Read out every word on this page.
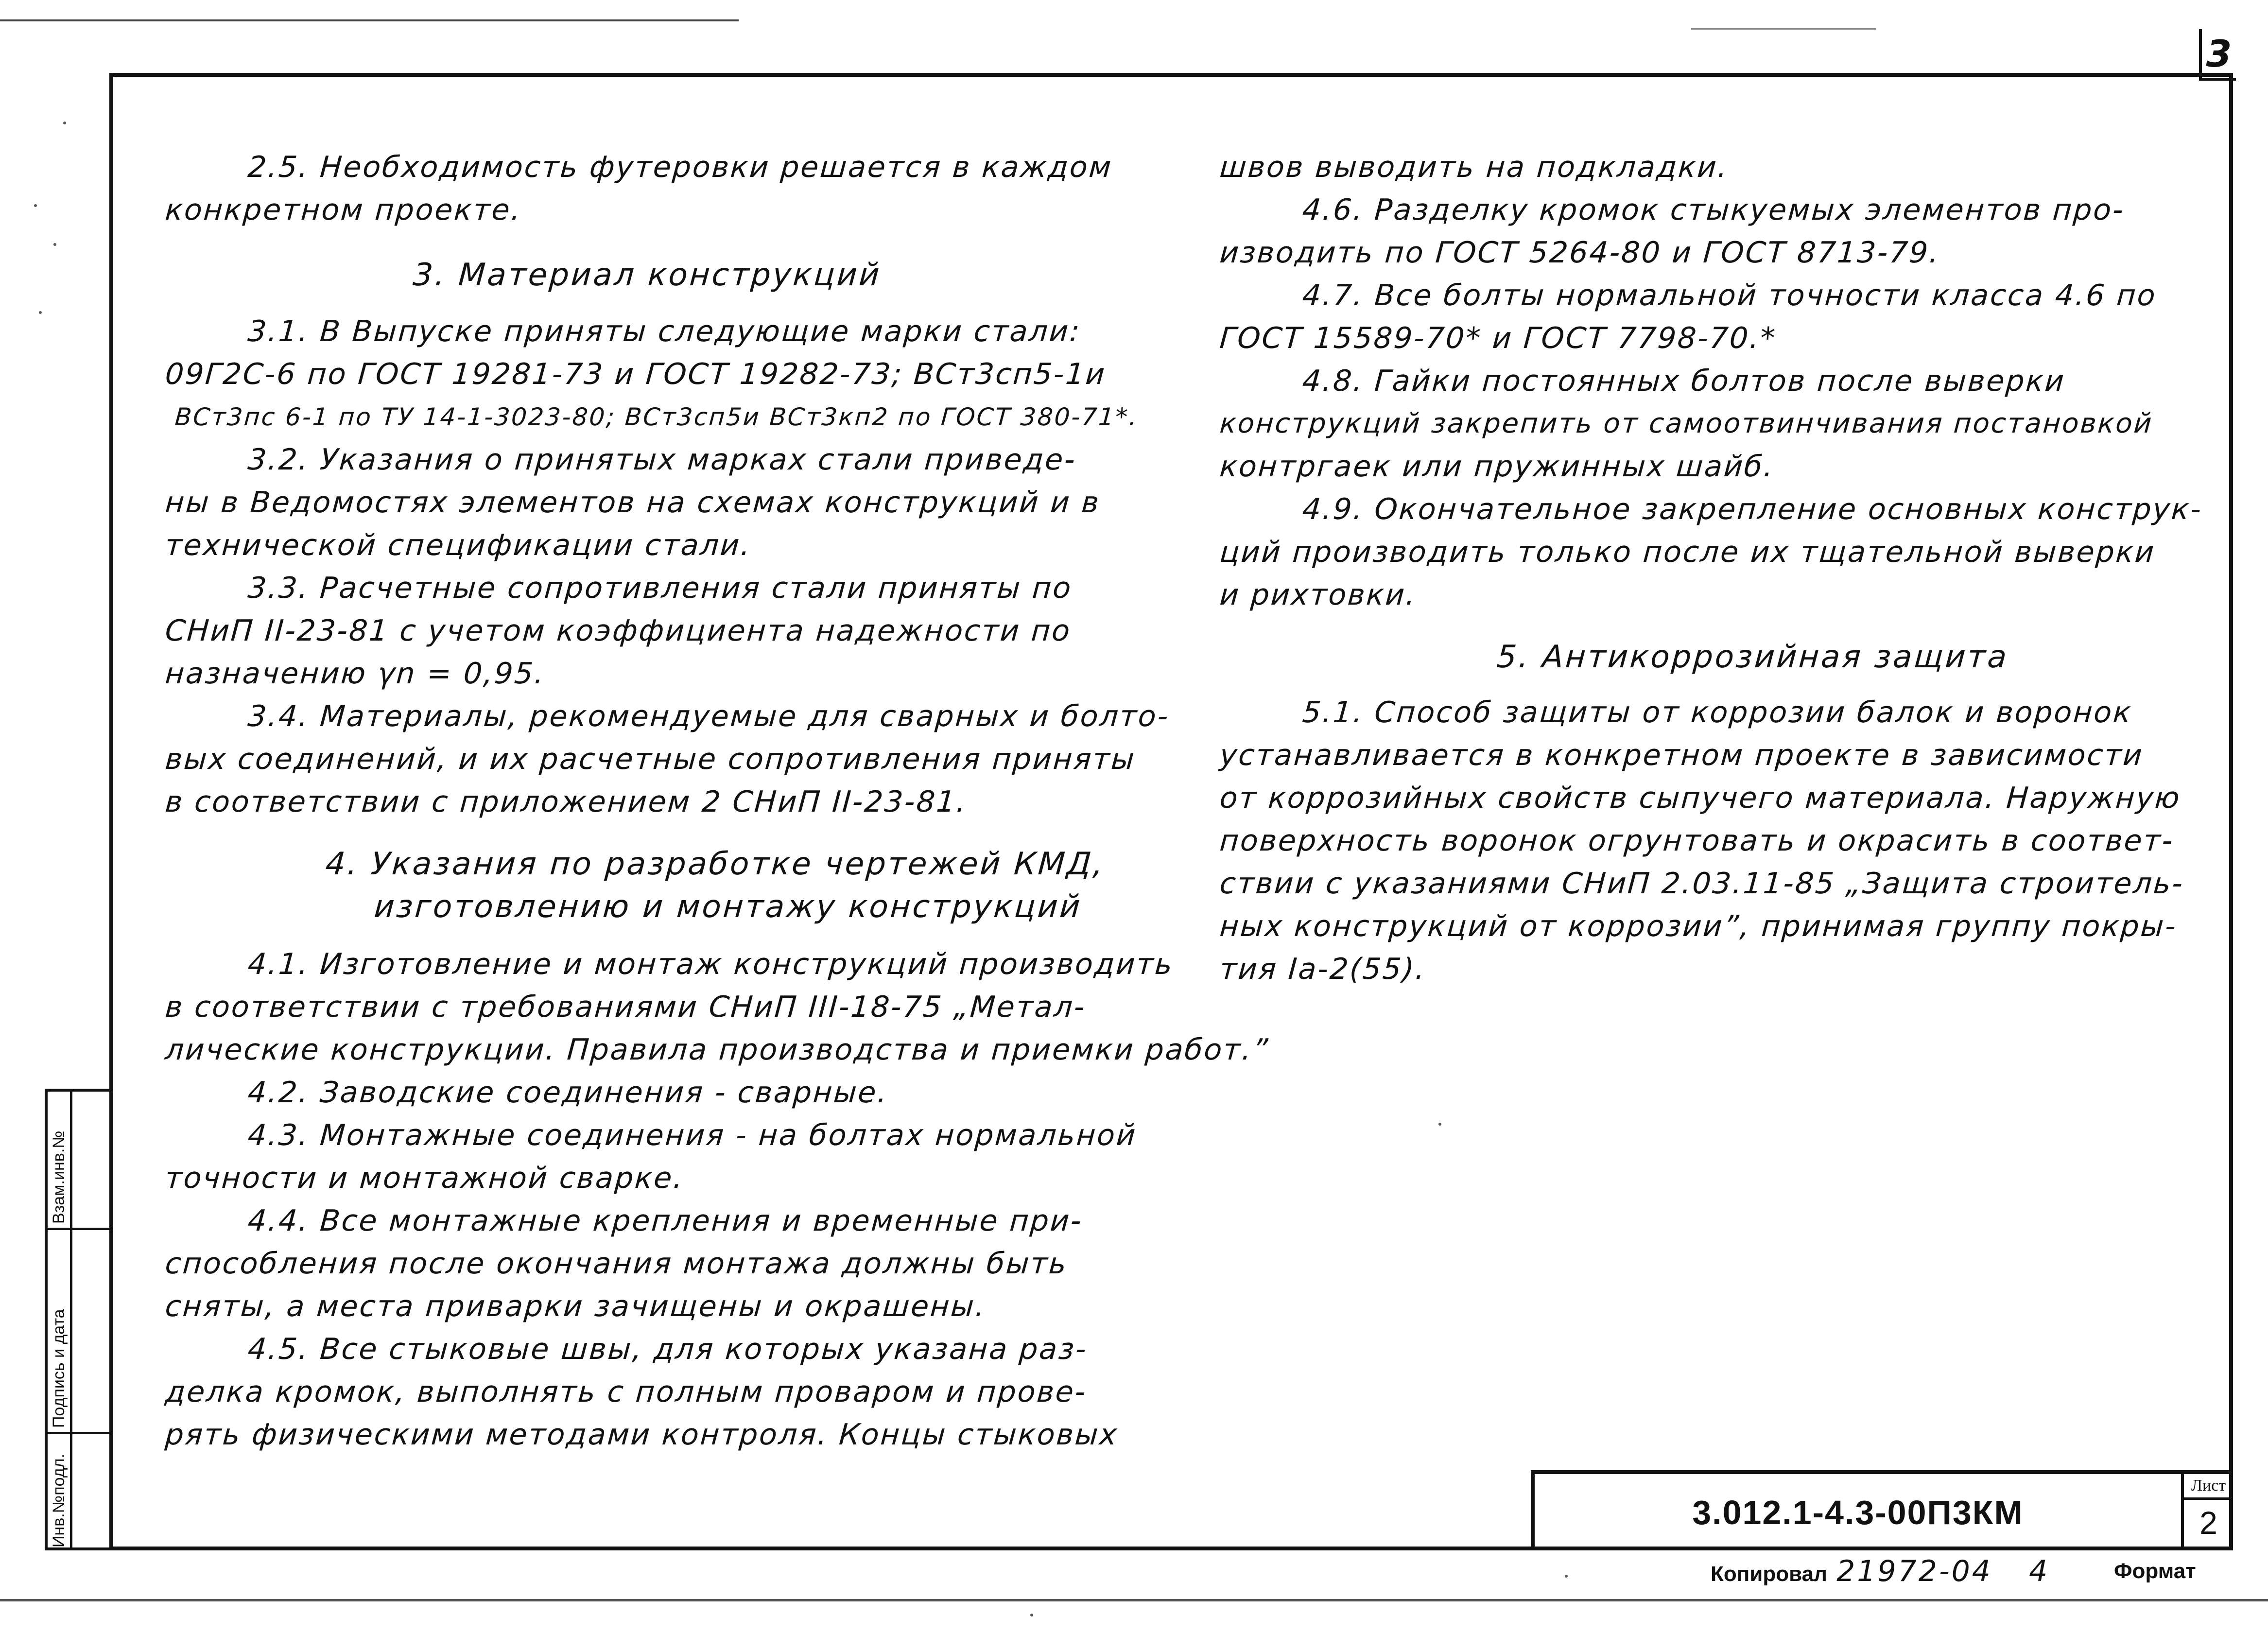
3
2.5. Необходимость футеровки решается в каждом
конкретном проекте.
3. Материал конструкций
3.1. В Выпуске приняты следующие марки стали:
09Г2С-6 по ГОСТ 19281-73 и ГОСТ 19282-73; ВСт3сп5-1и
ВСт3пс 6-1 по ТУ 14-1-3023-80; ВСт3сп5и ВСт3кп2 по ГОСТ 380-71*.
3.2. Указания о принятых марках стали приведе-
ны в Ведомостях элементов на схемах конструкций и в
технической спецификации стали.
3.3. Расчетные сопротивления стали приняты по
СНиП II-23-81 с учетом коэффициента надежности по
назначению γn = 0,95.
3.4. Материалы, рекомендуемые для сварных и болто-
вых соединений, и их расчетные сопротивления приняты
в соответствии с приложением 2 СНиП II-23-81.
4. Указания по разработке чертежей КМД,
изготовлению и монтажу конструкций
4.1. Изготовление и монтаж конструкций производить
в соответствии с требованиями СНиП III-18-75 „Метал-
лические конструкции. Правила производства и приемки работ.”
4.2. Заводские соединения - сварные.
4.3. Монтажные соединения - на болтах нормальной
точности и монтажной сварке.
4.4. Все монтажные крепления и временные при-
способления после окончания монтажа должны быть
сняты, а места приварки зачищены и окрашены.
4.5. Все стыковые швы, для которых указана раз-
делка кромок, выполнять с полным проваром и прове-
рять физическими методами контроля. Концы стыковых
швов выводить на подкладки.
4.6. Разделку кромок стыкуемых элементов про-
изводить по ГОСТ 5264-80 и ГОСТ 8713-79.
4.7. Все болты нормальной точности класса 4.6 по
ГОСТ 15589-70* и ГОСТ 7798-70.*
4.8. Гайки постоянных болтов после выверки
конструкций закрепить от самоотвинчивания постановкой
контргаек или пружинных шайб.
4.9. Окончательное закрепление основных конструк-
ций производить только после их тщательной выверки
и рихтовки.
5. Антикоррозийная защита
5.1. Способ защиты от коррозии балок и воронок
устанавливается в конкретном проекте в зависимости
от коррозийных свойств сыпучего материала. Наружную
поверхность воронок огрунтовать и окрасить в соответ-
ствии с указаниями СНиП 2.03.11-85 „Защита строитель-
ных конструкций от коррозии”, принимая группу покры-
тия Iа-2(55).
Взам.инв.№
Подпись и дата
Инв.№подл.	3.012.1-4.3-00П3КМ
Лист
2
Копировал 21972-04 4	Формат
